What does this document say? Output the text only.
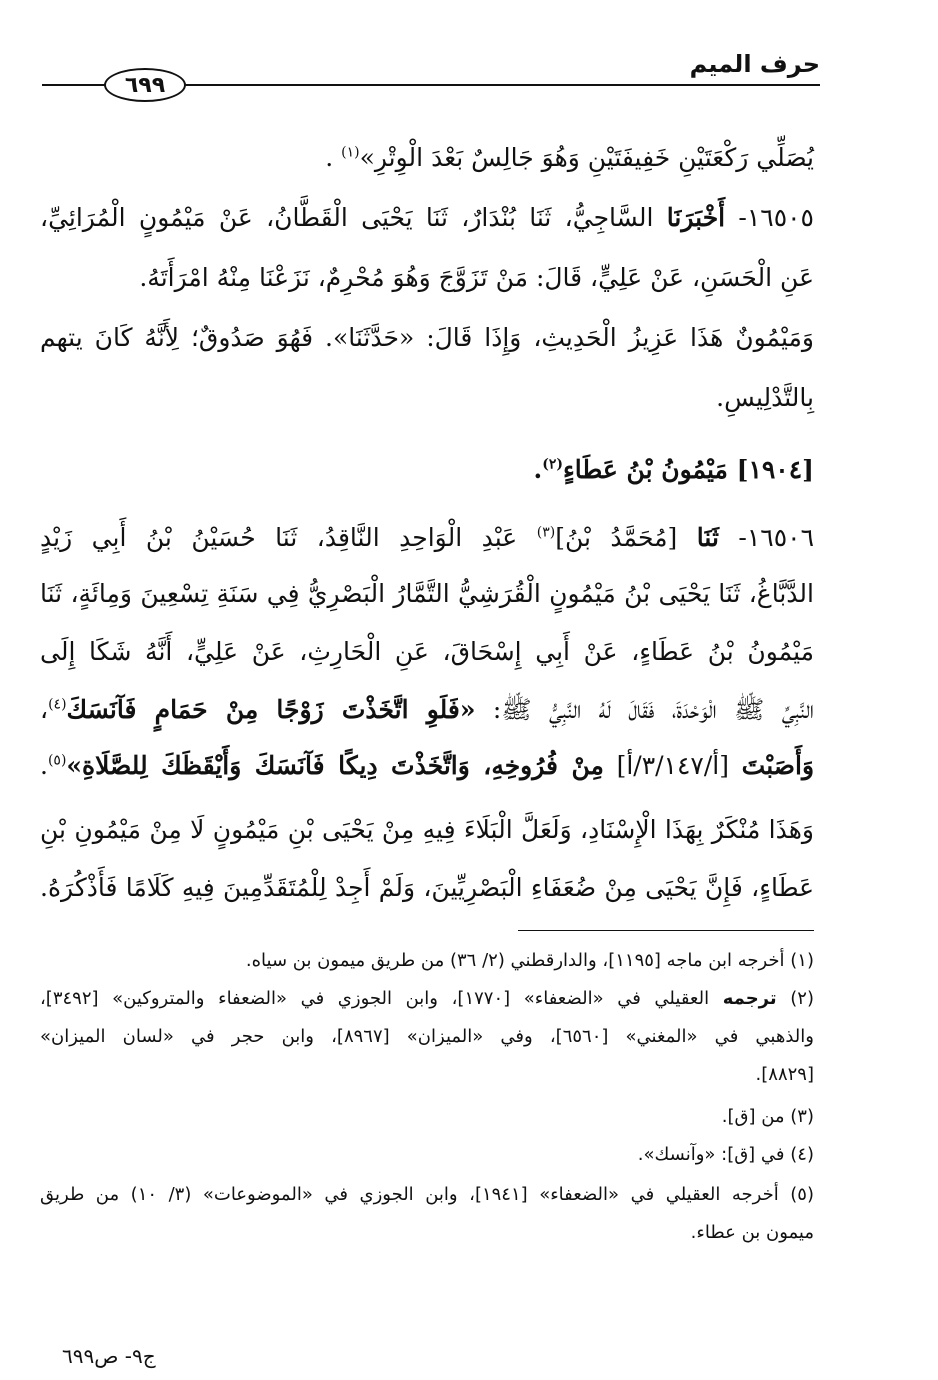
حرف الميم
٦٩٩
يُصَلِّي رَكْعَتَيْنِ خَفِيفَتَيْنِ وَهُوَ جَالِسٌ بَعْدَ الْوِتْرِ»$^{(١)}$ .
١٦٥٠٥- أَخْبَرَنَا السَّاجِيُّ، ثَنَا بُنْدَارٌ، ثَنَا يَحْيَى الْقَطَّانُ، عَنْ مَيْمُونٍ الْمُرَائِيِّ،
عَنِ الْحَسَنِ، عَنْ عَلِيٍّ، قَالَ: مَنْ تَزَوَّجَ وَهُوَ مُحْرِمٌ، نَزَعْنَا مِنْهُ امْرَأَتَهُ.
وَمَيْمُونٌ هَذَا عَزِيزُ الْحَدِيثِ، وَإِذَا قَالَ: «حَدَّثَنَا». فَهُوَ صَدُوقٌ؛ لِأَنَّهُ كَانَ يتهم
بِالتَّدْلِيسِ.
[١٩٠٤] مَيْمُونُ بْنُ عَطَاءٍ$^{(٢)}$.
١٦٥٠٦- ثَنَا [مُحَمَّدُ بْنُ]$^{(٣)}$ عَبْدِ الْوَاحِدِ النَّاقِدُ، ثَنَا حُسَيْنُ بْنُ أَبِي زَيْدٍ
الدَّبَّاغُ، ثَنَا يَحْيَى بْنُ مَيْمُونٍ الْقُرَشِيُّ التَّمَّارُ الْبَصْرِيُّ فِي سَنَةِ تِسْعِينَ وَمِائَةٍ، ثَنَا
مَيْمُونُ بْنُ عَطَاءٍ، عَنْ أَبِي إِسْحَاقَ، عَنِ الْحَارِثِ، عَنْ عَلِيٍّ، أَنَّهُ شَكَا إِلَى
النَّبِيِّ ﷺ الْوَحْدَةَ، فَقَالَ لَهُ النَّبِيُّ ﷺ: «فَلَوِ اتَّخَذْتَ زَوْجًا مِنْ حَمَامٍ فَآنَسَكَ$^{(٤)}$،
وَأَصَبْتَ [أ/٣/١٤٧/أ] مِنْ فُرُوخِهِ، وَاتَّخَذْتَ دِيكًا فَآنَسَكَ وَأَيْقَظَكَ لِلصَّلَاةِ»$^{(٥)}$.
وَهَذَا مُنْكَرٌ بِهَذَا الْإِسْنَادِ، وَلَعَلَّ الْبَلَاءَ فِيهِ مِنْ يَحْيَى بْنِ مَيْمُونٍ لَا مِنْ مَيْمُونِ بْنِ
عَطَاءٍ، فَإِنَّ يَحْيَى مِنْ ضُعَفَاءِ الْبَصْرِيِّينَ، وَلَمْ أَجِدْ لِلْمُتَقَدِّمِينَ فِيهِ كَلَامًا فَأَذْكُرَهُ.
(١) أخرجه ابن ماجه [١١٩٥]، والدارقطني (٢/ ٣٦) من طريق ميمون بن سياه.
(٢) ترجمه العقيلي في «الضعفاء» [١٧٧٠]، وابن الجوزي في «الضعفاء والمتروكين» [٣٤٩٢]،
والذهبي في «المغني» [٦٥٦٠]، وفي «الميزان» [٨٩٦٧]، وابن حجر في «لسان الميزان»
[٨٨٢٩].
(٣) من [ق].
(٤) في [ق]: «وآنسك».
(٥) أخرجه العقيلي في «الضعفاء» [١٩٤١]، وابن الجوزي في «الموضوعات» (٣/ ١٠) من طريق
ميمون بن عطاء.
ج٩- ص٦٩٩
